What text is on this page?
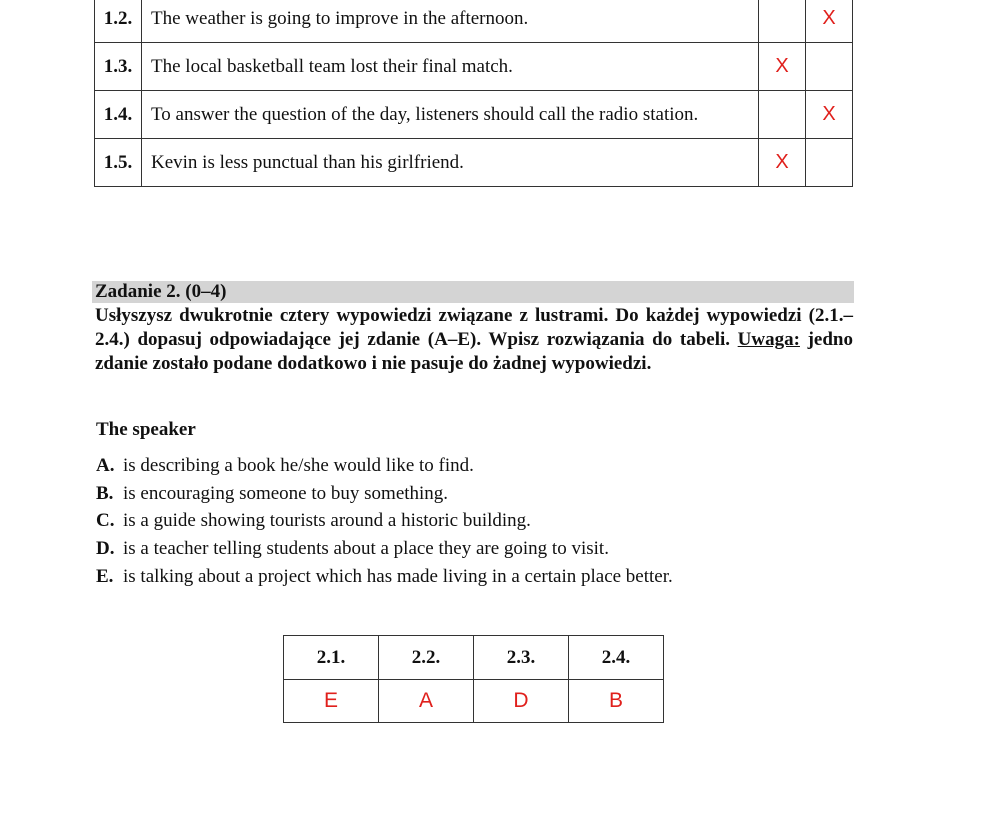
1.2.	The weather is going to improve in the afternoon.		X
1.3.	The local basketball team lost their final match.	X	
1.4.	To answer the question of the day, listeners should call the radio station.		X
1.5.	Kevin is less punctual than his girlfriend.	X	
Zadanie 2. (0–4)
Usłyszysz dwukrotnie cztery wypowiedzi związane z lustrami. Do każdej wypowiedzi (2.1.–2.4.) dopasuj odpowiadające jej zdanie (A–E). Wpisz rozwiązania do tabeli. Uwaga: jedno zdanie zostało podane dodatkowo i nie pasuje do żadnej wypowiedzi.
The speaker
A. is describing a book he/she would like to find.
B. is encouraging someone to buy something.
C. is a guide showing tourists around a historic building.
D. is a teacher telling students about a place they are going to visit.
E. is talking about a project which has made living in a certain place better.
2.1.	2.2.	2.3.	2.4.
E	A	D	B
